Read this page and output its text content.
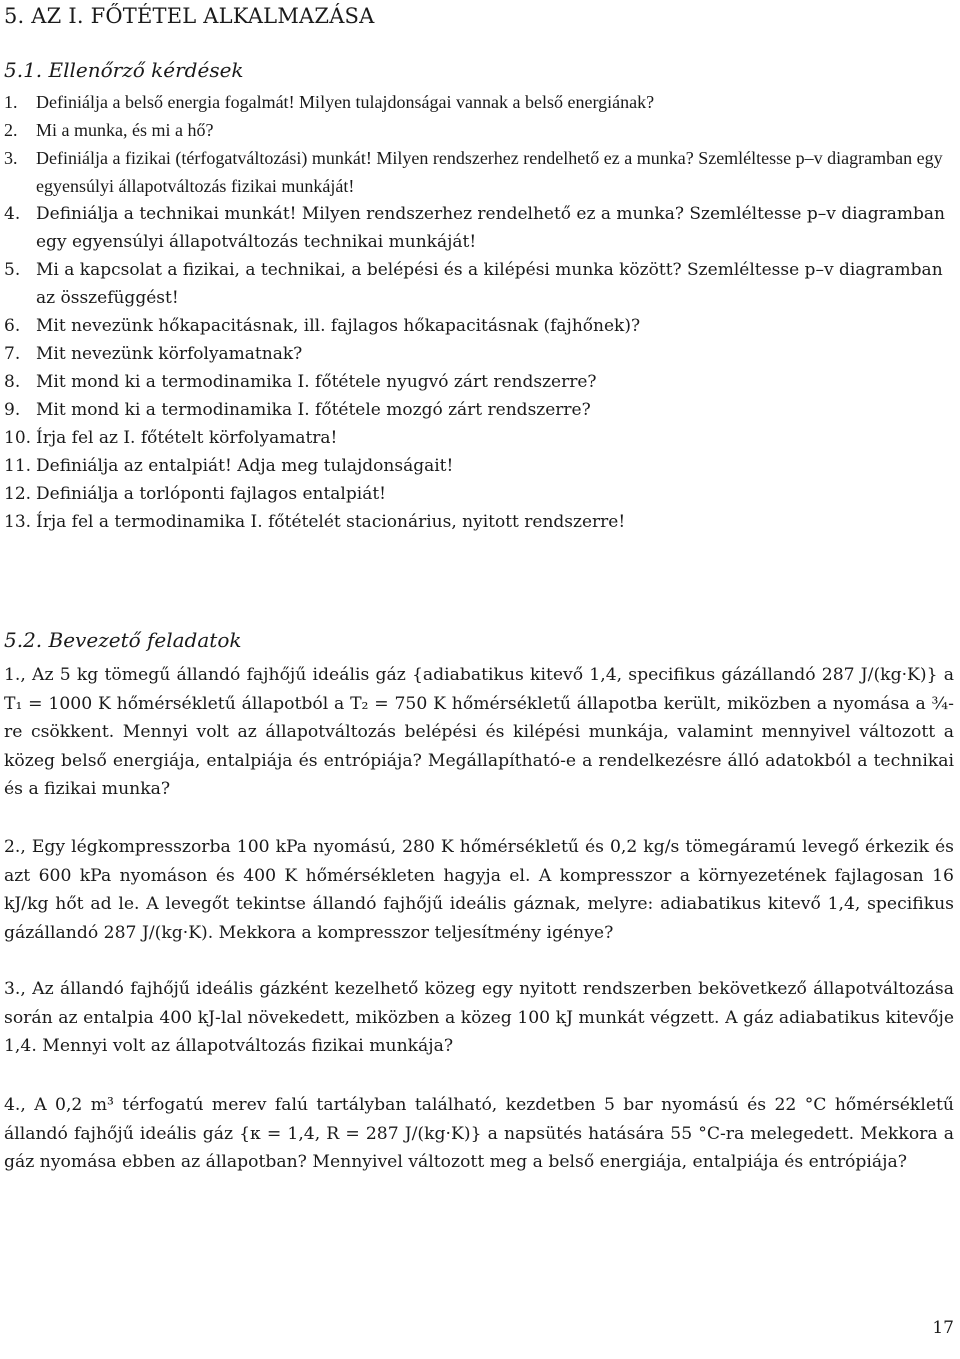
5. AZ I. FŐTÉTEL ALKALMAZÁSA
5.1. Ellenőrző kérdések
1. Definiálja a belső energia fogalmát! Milyen tulajdonságai vannak a belső energiának?
2. Mi a munka, és mi a hő?
3. Definiálja a fizikai (térfogatváltozási) munkát! Milyen rendszerhez rendelhető ez a munka? Szemléltesse p–v diagramban egy egyensúlyi állapotváltozás fizikai munkáját!
4. Definiálja a technikai munkát! Milyen rendszerhez rendelhető ez a munka? Szemléltesse p–v diagramban egy egyensúlyi állapotváltozás technikai munkáját!
5. Mi a kapcsolat a fizikai, a technikai, a belépési és a kilépési munka között? Szemléltesse p–v diagramban az összefüggést!
6. Mit nevezünk hőkapacitásnak, ill. fajlagos hőkapacitásnak (fajhőnek)?
7. Mit nevezünk körfolyamatnak?
8. Mit mond ki a termodinamika I. főtétele nyugvó zárt rendszerre?
9. Mit mond ki a termodinamika I. főtétele mozgó zárt rendszerre?
10. Írja fel az I. főtételt körfolyamatra!
11. Definiálja az entalpiát! Adja meg tulajdonságait!
12. Definiálja a torlóponti fajlagos entalpiát!
13. Írja fel a termodinamika I. főtételét stacionárius, nyitott rendszerre!
5.2. Bevezető feladatok

1., Az 5 kg tömegű állandó fajhőjű ideális gáz {adiabatikus kitevő 1,4, specifikus gázállandó 287 J/(kg·K)} a T₁ = 1000 K hőmérsékletű állapotból a T₂ = 750 K hőmérsékletű állapotba került, miközben a nyomása a ¾-re csökkent. Mennyi volt az állapotváltozás belépési és kilépési munkája, valamint mennyivel változott a közeg belső energiája, entalpiája és entrópiája? Megállapítható-e a rendelkezésre álló adatokból a technikai és a fizikai munka?

2., Egy légkompresszorba 100 kPa nyomású, 280 K hőmérsékletű és 0,2 kg/s tömegáramú levegő érkezik és azt 600 kPa nyomáson és 400 K hőmérsékleten hagyja el. A kompresszor a környezetének fajlagosan 16 kJ/kg hőt ad le. A levegőt tekintse állandó fajhőjű ideális gáznak, melyre: adiabatikus kitevő 1,4, specifikus gázállandó 287 J/(kg·K). Mekkora a kompresszor teljesítmény igénye?

3., Az állandó fajhőjű ideális gázként kezelhető közeg egy nyitott rendszerben bekövetkező állapotváltozása során az entalpia 400 kJ-lal növekedett, miközben a közeg 100 kJ munkát végzett. A gáz adiabatikus kitevője 1,4. Mennyi volt az állapotváltozás fizikai munkája?

4., A 0,2 m³ térfogatú merev falú tartályban található, kezdetben 5 bar nyomású és 22 °C hőmérsékletű állandó fajhőjű ideális gáz {κ = 1,4, R = 287 J/(kg·K)} a napsütés hatására 55 °C-ra melegedett. Mekkora a gáz nyomása ebben az állapotban? Mennyivel változott meg a belső energiája, entalpiája és entrópiája?

17
